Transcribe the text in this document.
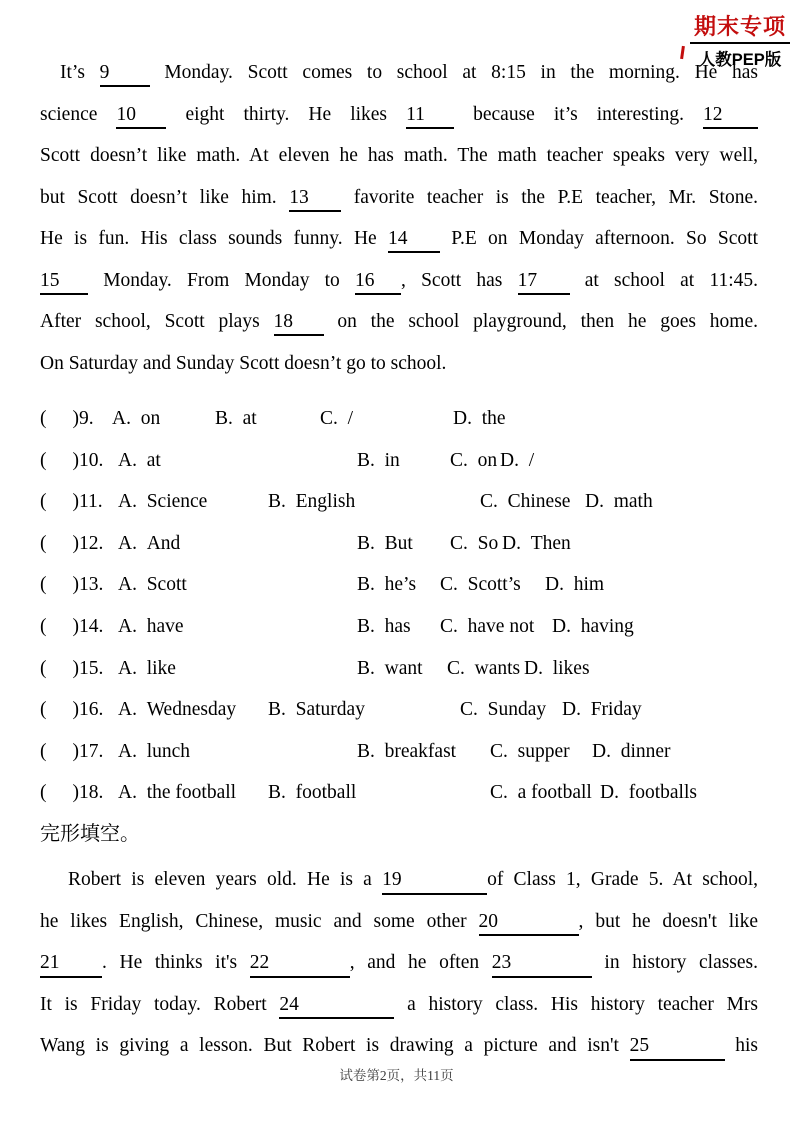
期末专项
人教PEP版
It’s 9 Monday. Scott comes to school at 8:15 in the morning. He has
science 10 eight thirty. He likes 11 because it’s interesting. 12
Scott doesn’t like math. At eleven he has math. The math teacher speaks very well,
but Scott doesn’t like him. 13 favorite teacher is the P.E teacher, Mr. Stone.
He is fun. His class sounds funny. He 14 P.E on Monday afternoon. So Scott
15 Monday. From Monday to 16 , Scott has 17 at school at 11:45.
After school, Scott plays 18 on the school playground, then he goes home.
On Saturday and Sunday Scott doesn’t go to school.
( )9. A.  on	B.  at	C.  /	D.  the
( )10. A.  at	B.  in	C.  on D.  /
( )11. A.  Science	B.  English	C.  Chinese D.  math
( )12. A.  And	B.  But C.  So D.  Then
( )13. A.  Scott	B.  he’s C.  Scott’s D.  him
( )14. A.  have	B.  has C.  have not D.  having
( )15. A.  like	B.  want C.  wants D.  likes
( )16. A.  Wednesday B.  Saturday	C.  Sunday D.  Friday
( )17. A.  lunch	B.  breakfast C.  supper D.  dinner
( )18. A.  the football B.  football	C.  a football D.  footballs
完形填空。
Robert is eleven years old. He is a 19	of Class 1, Grade 5. At school,
he likes English, Chinese, music and some other 20	, but he doesn't like
21 . He thinks it's 22	, and he often 23	in history classes.
It is Friday today. Robert 24	a history class. His history teacher Mrs
Wang is giving a lesson. But Robert is drawing a picture and isn't 25	his
试卷第2页，共11页
